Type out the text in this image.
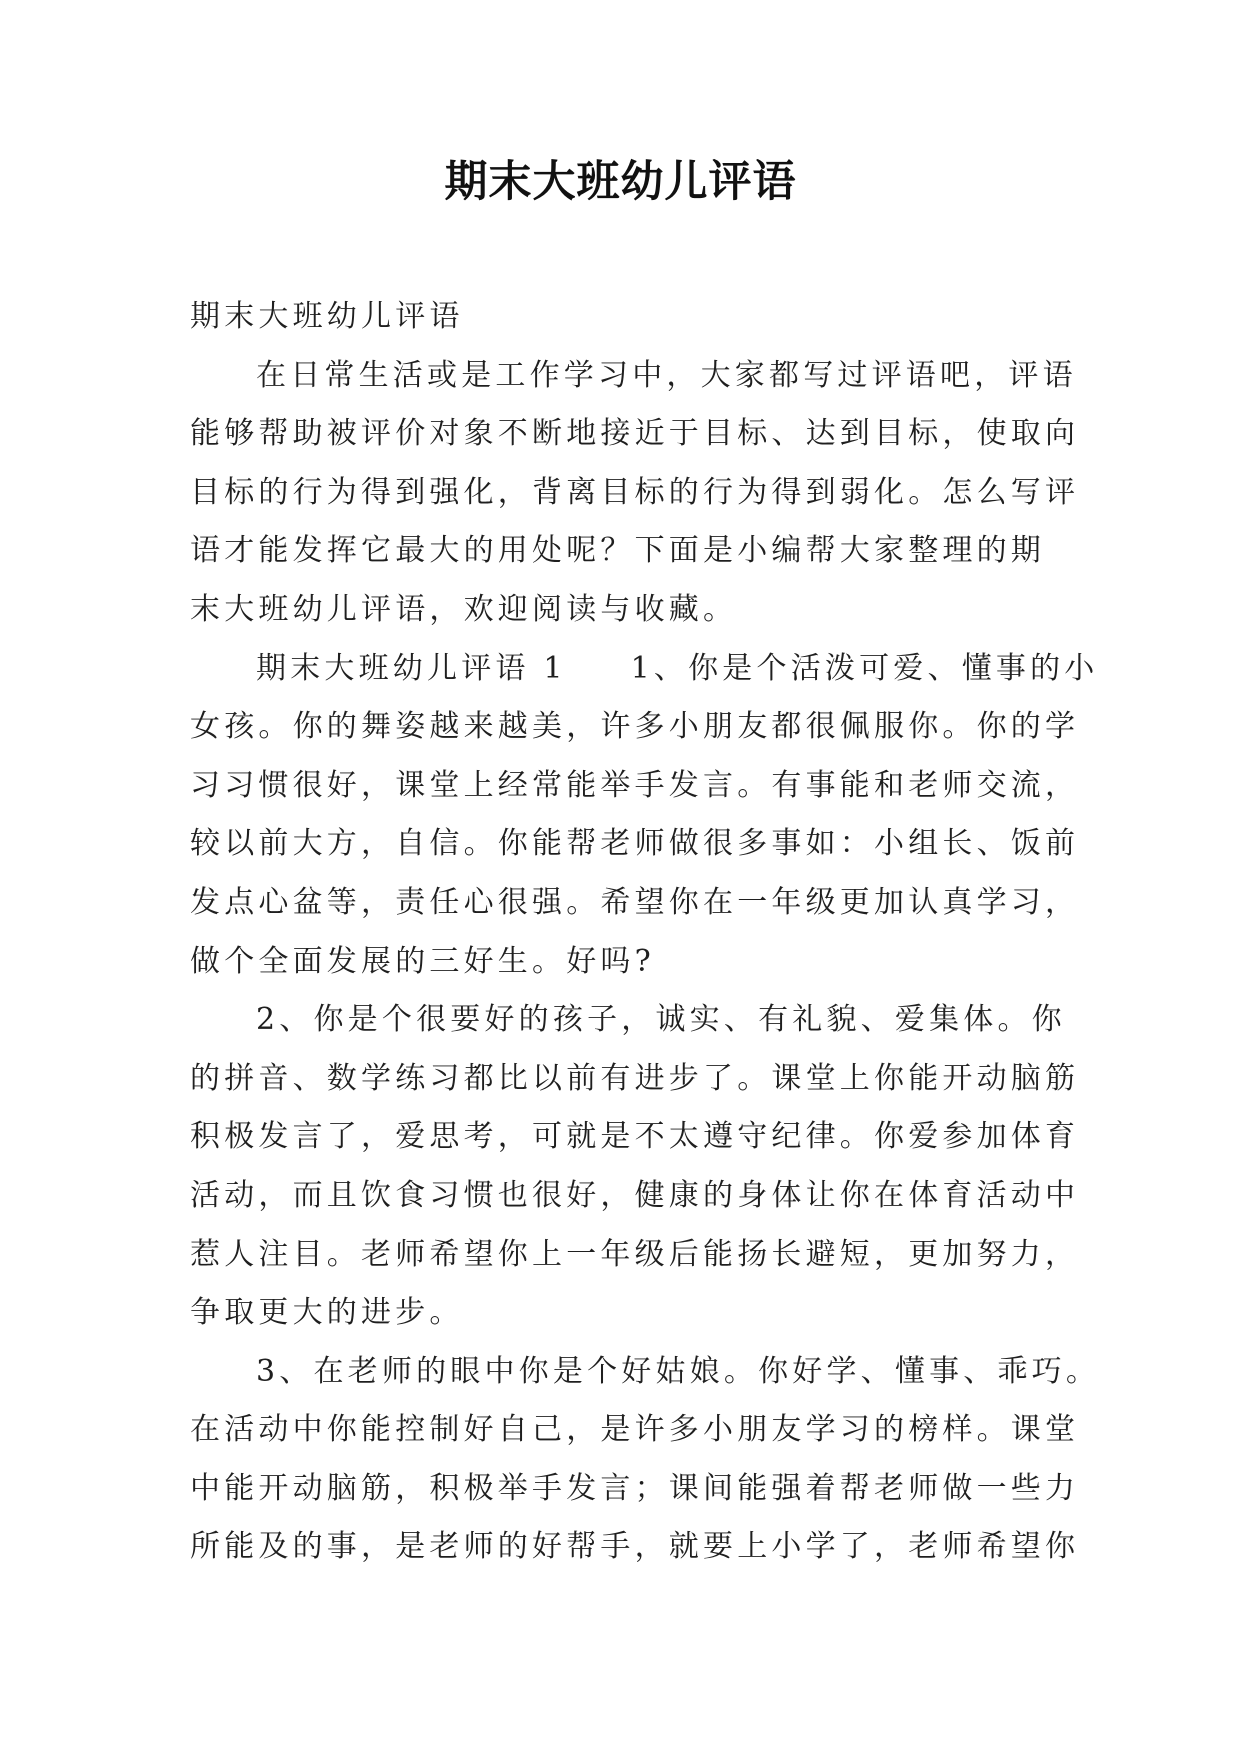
期末大班幼儿评语
期末大班幼儿评语
在日常生活或是工作学习中，大家都写过评语吧，评语
能够帮助被评价对象不断地接近于目标、达到目标，使取向
目标的行为得到强化，背离目标的行为得到弱化。怎么写评
语才能发挥它最大的用处呢？下面是小编帮大家整理的期
末大班幼儿评语，欢迎阅读与收藏。
期末大班幼儿评语 1 1、你是个活泼可爱、懂事的小
女孩。你的舞姿越来越美，许多小朋友都很佩服你。你的学
习习惯很好，课堂上经常能举手发言。有事能和老师交流，
较以前大方，自信。你能帮老师做很多事如：小组长、饭前
发点心盆等，责任心很强。希望你在一年级更加认真学习，
做个全面发展的三好生。好吗?
2、你是个很要好的孩子，诚实、有礼貌、爱集体。你
的拼音、数学练习都比以前有进步了。课堂上你能开动脑筋
积极发言了，爱思考，可就是不太遵守纪律。你爱参加体育
活动，而且饮食习惯也很好，健康的身体让你在体育活动中
惹人注目。老师希望你上一年级后能扬长避短，更加努力，
争取更大的进步。
3、在老师的眼中你是个好姑娘。你好学、懂事、乖巧。
在活动中你能控制好自己，是许多小朋友学习的榜样。课堂
中能开动脑筋，积极举手发言；课间能强着帮老师做一些力
所能及的事，是老师的好帮手，就要上小学了，老师希望你
